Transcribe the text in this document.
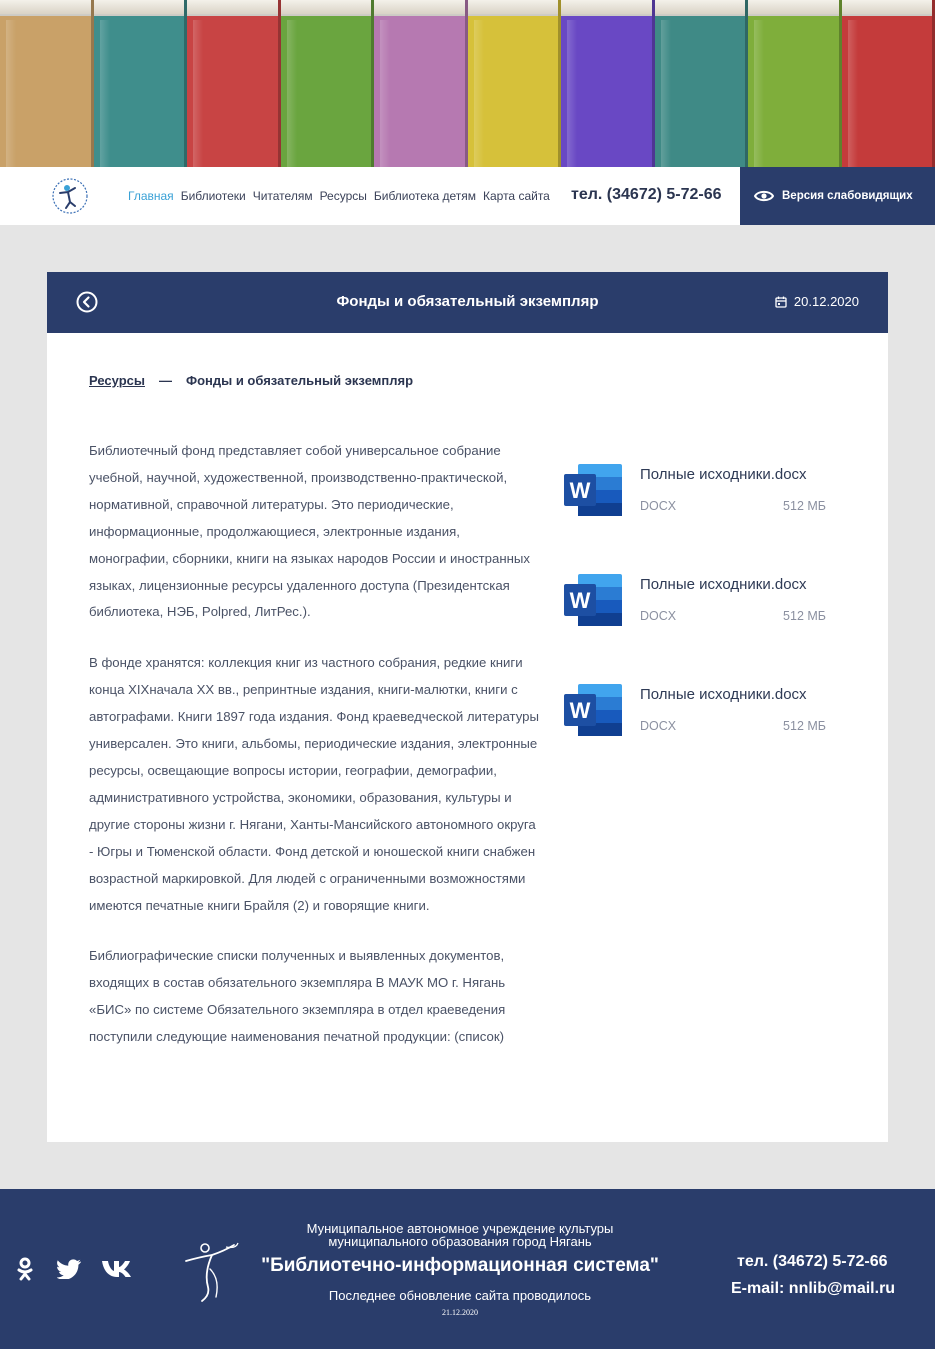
Главная Библиотеки Читателям Ресурсы Библиотека детям Карта сайта тел. (34672) 5-72-66	Версия слабовидящих
Фонды и обязательный экземпляр	20.12.2020
Ресурсы — Фонды и обязательный экземпляр

Библиотечный фонд представляет собой универсальное собрание учебной, научной, художественной, производственно-практической, нормативной, справочной литературы. Это периодические, информационные, продолжающиеся, электронные издания, монографии, сборники, книги на языках народов России и иностранных языках, лицензионные ресурсы удаленного доступа (Президентская библиотека, НЭБ, Polpred, ЛитРес.).

В фонде хранятся: коллекция книг из частного собрания, редкие книги конца XIXначала XX вв., репринтные издания, книги-малютки, книги с автографами. Книги 1897 года издания. Фонд краеведческой литературы универсален. Это книги, альбомы, периодические издания, электронные ресурсы, освещающие вопросы истории, географии, демографии, административного устройства, экономики, образования, культуры и другие стороны жизни г. Нягани, Ханты-Мансийского автономного округа - Югры и Тюменской области. Фонд детской и юношеской книги снабжен возрастной маркировкой. Для людей с ограниченными возможностями имеются печатные книги Брайля (2) и говорящие книги.

Библиографические списки полученных и выявленных документов, входящих в состав обязательного экземпляра В МАУК МО г. Нягань «БИС» по системе Обязательного экземпляра в отдел краеведения поступили следующие наименования печатной продукции: (список)

W
Полные исходники.docx
DOCX	512 МБ
W
Полные исходники.docx
DOCX	512 МБ
W
Полные исходники.docx
DOCX	512 МБ
Муниципальное автономное учреждение культуры
муниципального образования город Нягань
"Библиотечно-информационная система"
Последнее обновление сайта проводилось
21.12.2020
тел. (34672) 5-72-66
E-mail: nnlib@mail.ru
